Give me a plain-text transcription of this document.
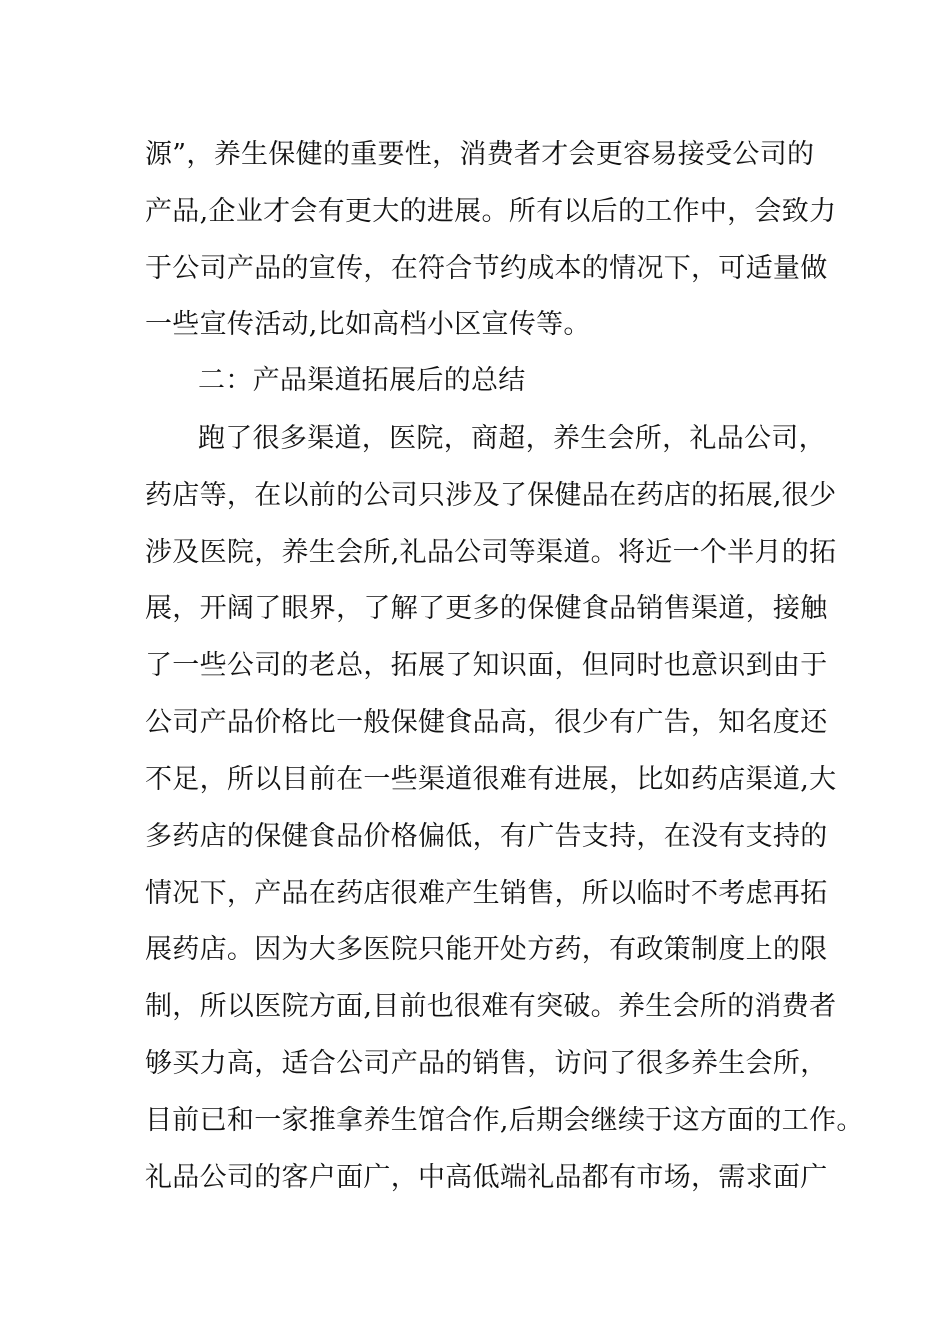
源”，养生保健的重要性，消费者才会更容易接受公司的
产品,企业才会有更大的进展。所有以后的工作中，会致力
于公司产品的宣传，在符合节约成本的情况下，可适量做
一些宣传活动,比如高档小区宣传等。
二：产品渠道拓展后的总结
跑了很多渠道，医院，商超，养生会所，礼品公司，
药店等，在以前的公司只涉及了保健品在药店的拓展,很少
涉及医院，养生会所,礼品公司等渠道。将近一个半月的拓
展，开阔了眼界，了解了更多的保健食品销售渠道，接触
了一些公司的老总，拓展了知识面，但同时也意识到由于
公司产品价格比一般保健食品高，很少有广告，知名度还
不足，所以目前在一些渠道很难有进展，比如药店渠道,大
多药店的保健食品价格偏低，有广告支持，在没有支持的
情况下，产品在药店很难产生销售，所以临时不考虑再拓
展药店。因为大多医院只能开处方药，有政策制度上的限
制，所以医院方面,目前也很难有突破。养生会所的消费者
够买力高，适合公司产品的销售，访问了很多养生会所，
目前已和一家推拿养生馆合作,后期会继续于这方面的工作。
礼品公司的客户面广，中高低端礼品都有市场，需求面广
